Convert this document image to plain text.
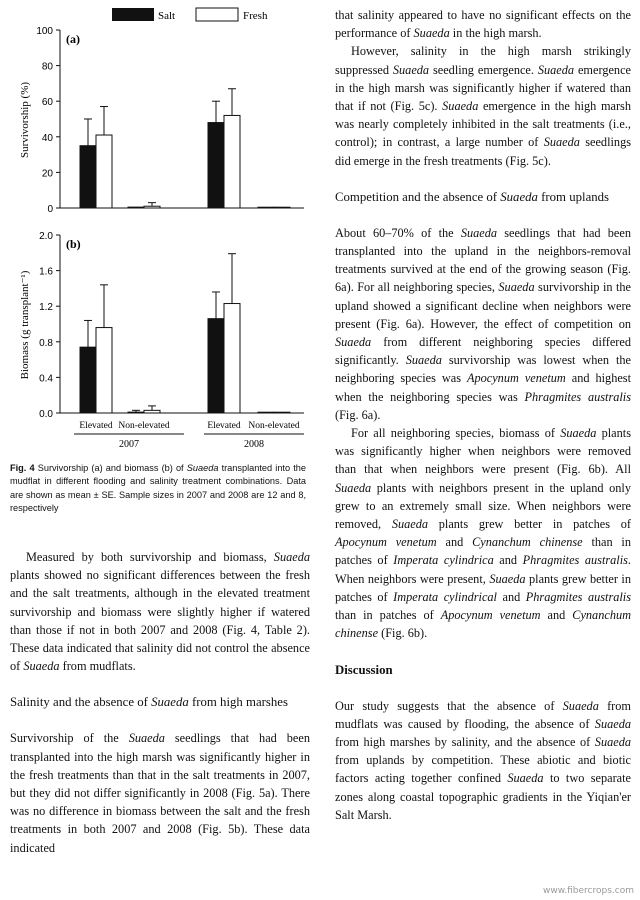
Salt	Fresh
(a)
Survivorship (%)
0
20
40
60
80
100
(b)
Biomass (g transplant⁻¹)
0.0
0.4
0.8
1.2
1.6
2.0
Elevated Non-elevated	Elevated Non-elevated
2007	2008
Fig. 4 Survivorship (a) and biomass (b) of Suaeda transplanted into the mudflat in different flooding and salinity treatment combinations. Data are shown as mean ± SE. Sample sizes in 2007 and 2008 are 12 and 8, respectively

Measured by both survivorship and biomass, Suaeda plants showed no significant differences between the fresh and the salt treatments, although in the elevated treatment survivorship and biomass were slightly higher if watered than those if not in both 2007 and 2008 (Fig. 4, Table 2). These data indicated that salinity did not control the absence of Suaeda from mudflats.

Salinity and the absence of Suaeda from high marshes

Survivorship of the Suaeda seedlings that had been transplanted into the high marsh was significantly higher in the fresh treatments than that in the salt treatments in 2007, but they did not differ significantly in 2008 (Fig. 5a). There was no difference in biomass between the salt and the fresh treatments in both 2007 and 2008 (Fig. 5b). These data indicated

that salinity appeared to have no significant effects on the performance of Suaeda in the high marsh.

However, salinity in the high marsh strikingly suppressed Suaeda seedling emergence. Suaeda emergence in the high marsh was significantly higher if watered than that if not (Fig. 5c). Suaeda emergence in the high marsh was nearly completely inhibited in the salt treatments (i.e., control); in contrast, a large number of Suaeda seedlings did emerge in the fresh treatments (Fig. 5c).

Competition and the absence of Suaeda from uplands

About 60–70% of the Suaeda seedlings that had been transplanted into the upland in the neighbors-removal treatments survived at the end of the growing season (Fig. 6a). For all neighboring species, Suaeda survivorship in the upland showed a significant decline when neighbors were present (Fig. 6a). However, the effect of competition on Suaeda from different neighboring species differed significantly. Suaeda survivorship was lowest when the neighboring species was Apocynum venetum and highest when the neighboring species was Phragmites australis (Fig. 6a).

For all neighboring species, biomass of Suaeda plants was significantly higher when neighbors were removed than that when neighbors were present (Fig. 6b). All Suaeda plants with neighbors present in the upland only grew to an extremely small size. When neighbors were removed, Suaeda plants grew better in patches of Apocynum venetum and Cynanchum chinense than in patches of Imperata cylindrica and Phragmites australis. When neighbors were present, Suaeda plants grew better in patches of Imperata cylindrical and Phragmites australis than in patches of Apocynum venetum and Cynanchum chinense (Fig. 6b).

Discussion

Our study suggests that the absence of Suaeda from mudflats was caused by flooding, the absence of Suaeda from high marshes by salinity, and the absence of Suaeda from uplands by competition. These abiotic and biotic factors acting together confined Suaeda to two separate zones along coastal topographic gradients in the Yiqian'er Salt Marsh.

www.fibercrops.com
